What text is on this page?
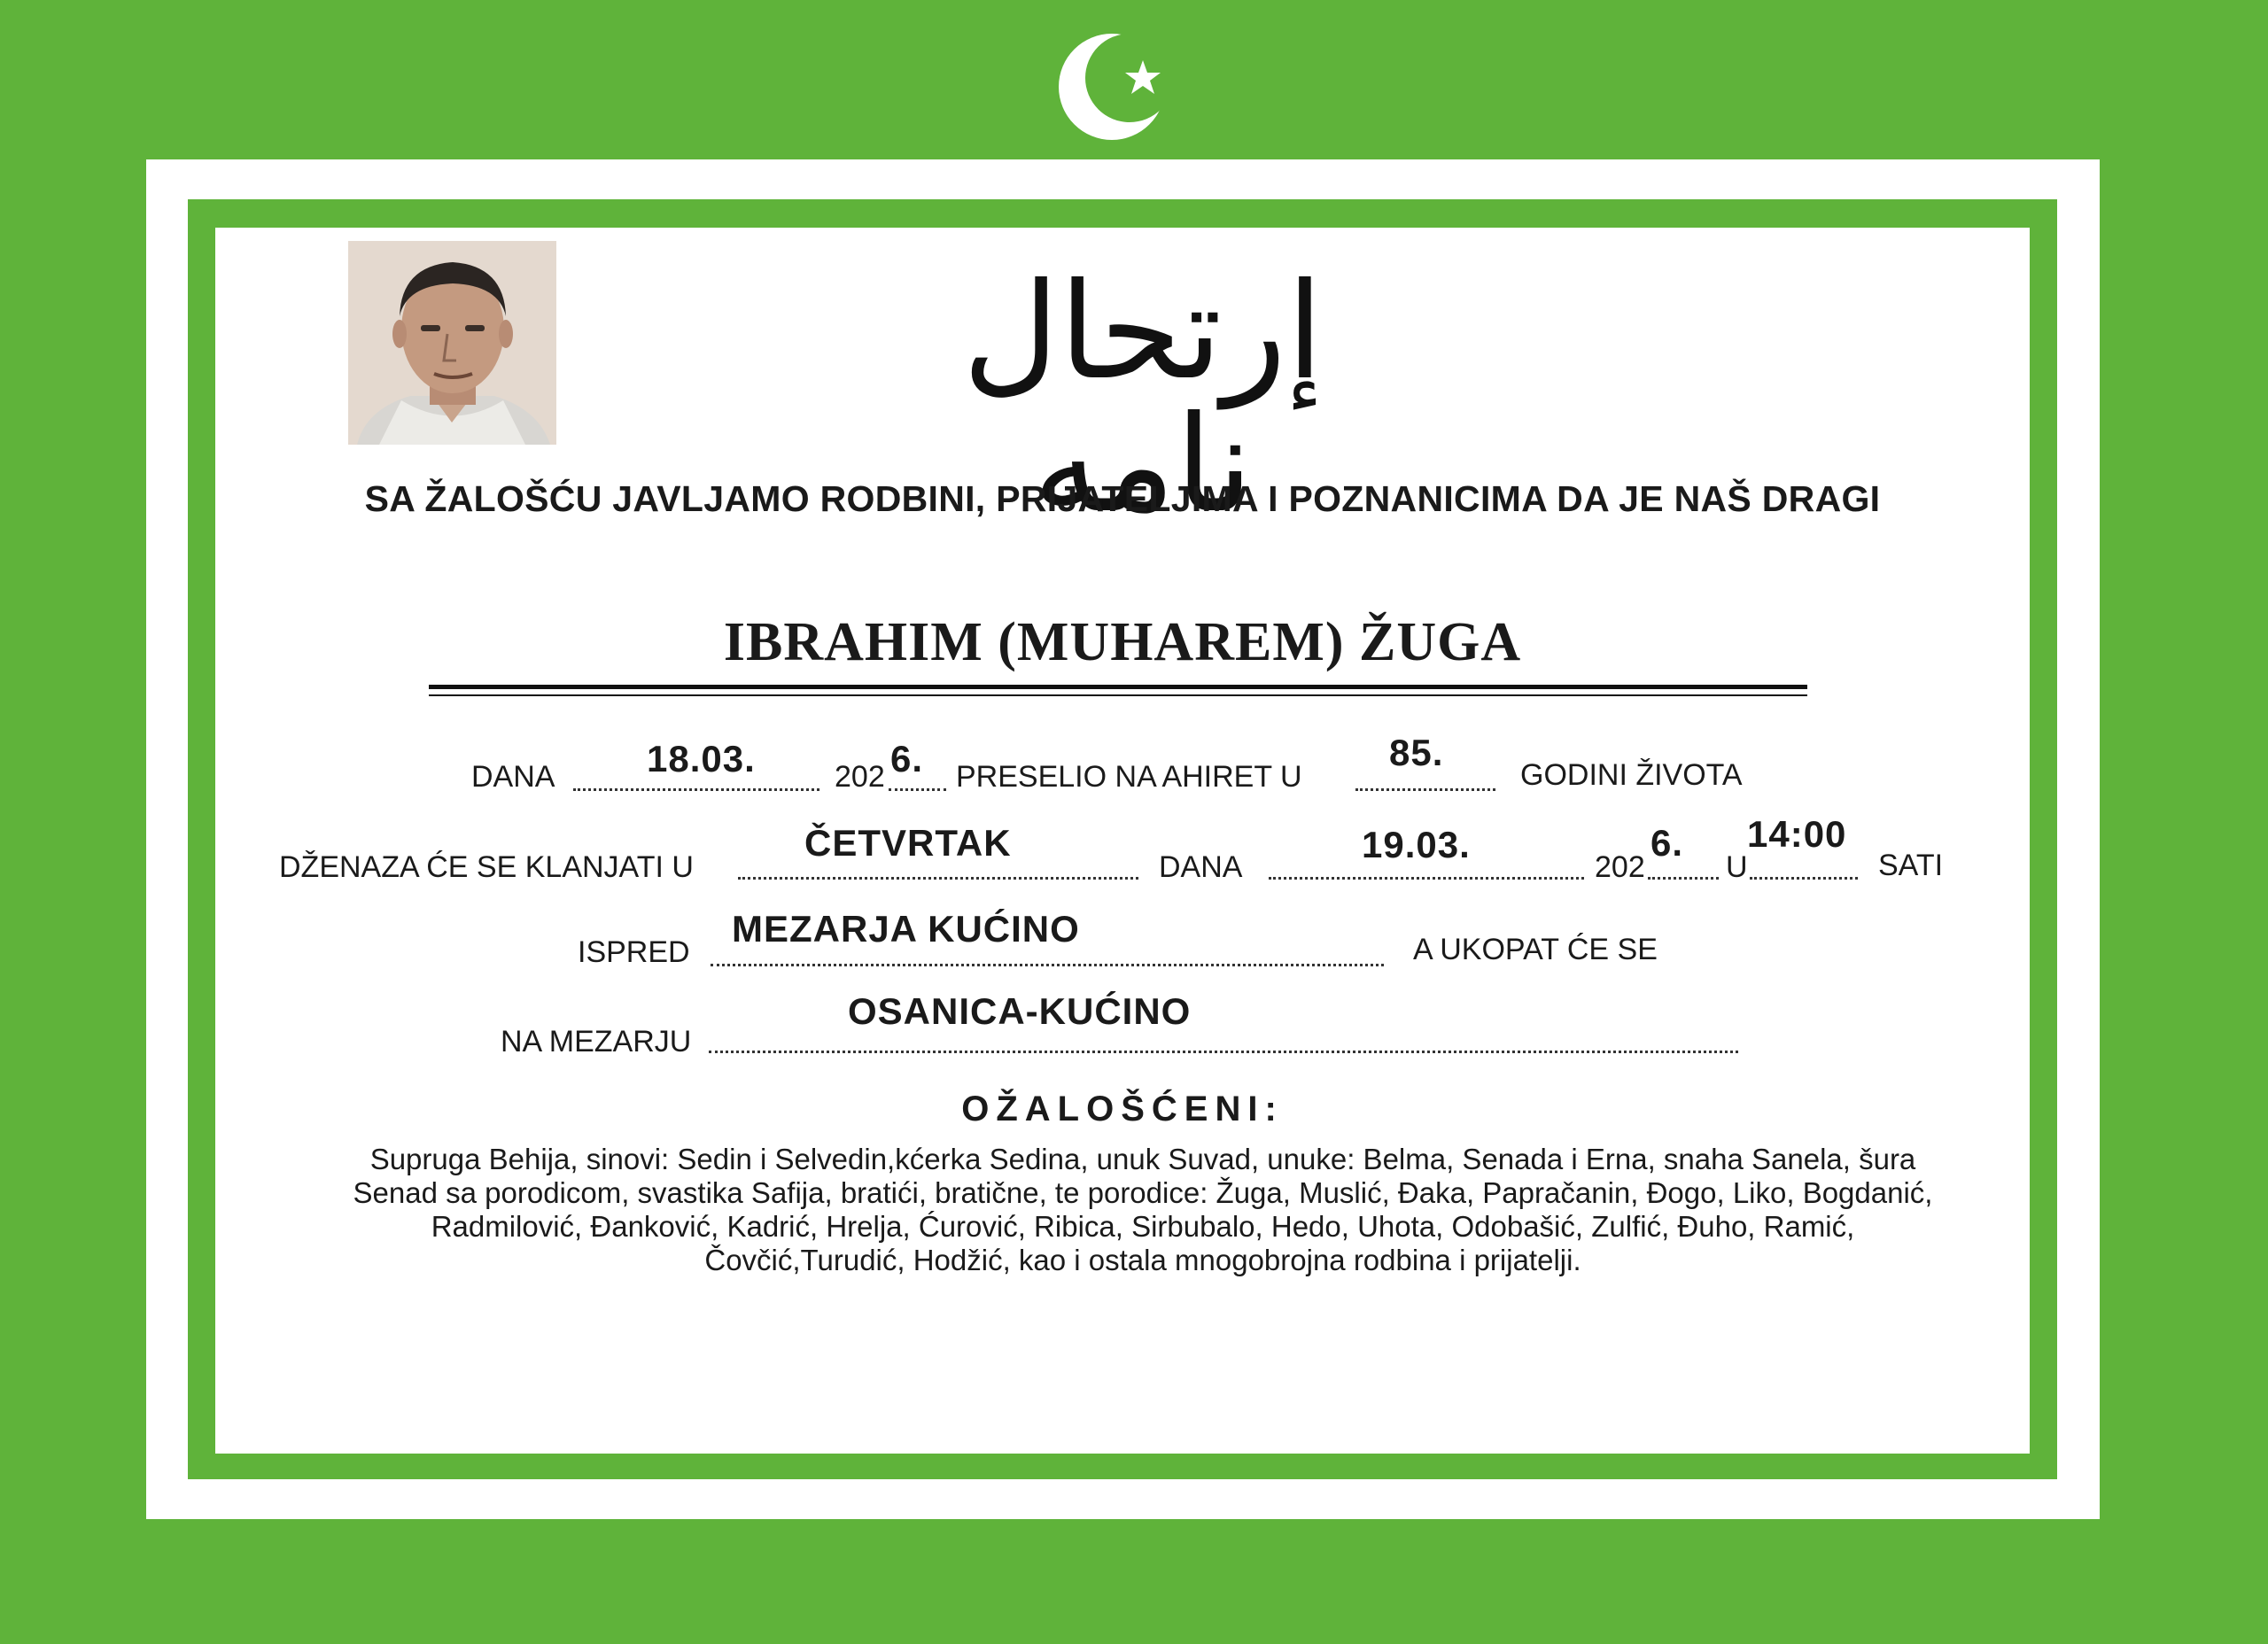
إرتحال نامه
SA ŽALOŠĆU JAVLJAMO RODBINI, PRIJATELJIMA I POZNANICIMA DA JE NAŠ DRAGI
IBRAHIM (MUHAREM) ŽUGA
DANA 18.03.	202 6. PRESELIO NA AHIRET U
85.
GODINI ŽIVOTA
DŽENAZA ĆE SE KLANJATI U
ČETVRTAK
DANA
19.03.
202
6.
U
14:00
SATI
ISPRED
MEZARJA KUĆINO	A UKOPAT ĆE SE
NA MEZARJU
OSANICA-KUĆINO
OŽALOŠĆENI:
Supruga Behija, sinovi: Sedin i Selvedin,kćerka Sedina, unuk Suvad, unuke: Belma, Senada i Erna, snaha Sanela, šura
Senad sa porodicom, svastika Safija, bratići, bratične, te porodice: Žuga, Muslić, Đaka, Papračanin, Đogo, Liko, Bogdanić,
Radmilović, Đanković, Kadrić, Hrelja, Ćurović, Ribica, Sirbubalo, Hedo, Uhota, Odobašić, Zulfić, Đuho, Ramić,
Čovčić,Turudić, Hodžić, kao i ostala mnogobrojna rodbina i prijatelji.
